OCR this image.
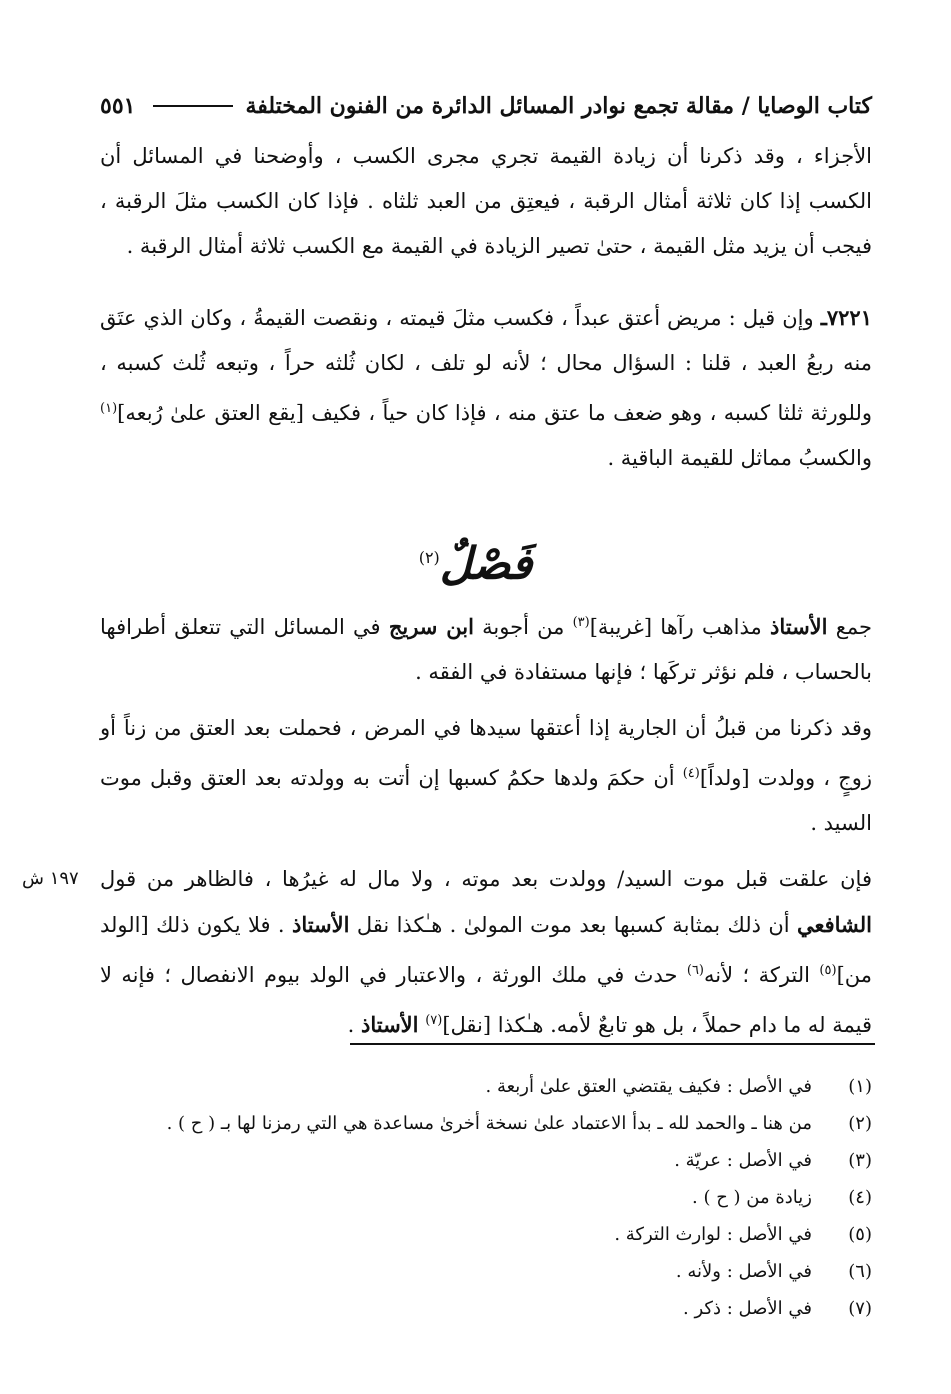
كتاب الوصايا / مقالة تجمع نوادر المسائل الدائرة من الفنون المختلفة
٥٥١

الأجزاء ، وقد ذكرنا أن زيادة القيمة تجري مجرى الكسب ، وأوضحنا في المسائل أن الكسب إذا كان ثلاثة أمثال الرقبة ، فيعتِق من العبد ثلثاه . فإذا كان الكسب مثلَ الرقبة ، فيجب أن يزيد مثل القيمة ، حتىٰ تصير الزيادة في القيمة مع الكسب ثلاثة أمثال الرقبة .

٧٢٢١ـ وإن قيل : مريض أعتق عبداً ، فكسب مثلَ قيمته ، ونقصت القيمةُ ، وكان الذي عتَق منه ربعُ العبد ، قلنا : السؤال محال ؛ لأنه لو تلف ، لكان ثُلثه حراً ، وتبعه ثُلث كسبه ، وللورثة ثلثا كسبه ، وهو ضعف ما عتق منه ، فإذا كان حياً ، فكيف [يقع العتق علىٰ رُبعه]$^{(١)}$ والكسبُ مماثل للقيمة الباقية .

فَصْلٌ$^{(٢)}$

جمع الأستاذ مذاهب رآها [غريبة]$^{(٣)}$ من أجوبة ابن سريج في المسائل التي تتعلق أطرافها بالحساب ، فلم نؤثر تركَها ؛ فإنها مستفادة في الفقه .

وقد ذكرنا من قبلُ أن الجارية إذا أعتقها سيدها في المرض ، فحملت بعد العتق من زناً أو زوجٍ ، وولدت [ولداً]$^{(٤)}$ أن حكمَ ولدها حكمُ كسبها إن أتت به وولدته بعد العتق وقبل موت السيد .

فإن علقت قبل موت السيد/ وولدت بعد موته ، ولا مال له غيرُها ، فالظاهر من قول الشافعي أن ذلك بمثابة كسبها بعد موت المولىٰ . هـٰكذا نقل الأستاذ . فلا يكون ذلك [الولد من]$^{(٥)}$ التركة ؛ لأنه$^{(٦)}$ حدث في ملك الورثة ، والاعتبار في الولد بيوم الانفصال ؛ فإنه لا قيمة له ما دام حملاً ، بل هو تابعٌ لأمه. هـٰكذا [نقل]$^{(٧)}$ الأستاذ .

١٩٧ ش
(١)
في الأصل : فكيف يقتضي العتق علىٰ أربعة .
(٢)
من هنا ـ والحمد لله ـ بدأ الاعتماد علىٰ نسخة أخرىٰ مساعدة هي التي رمزنا لها بـ ( ح ) .
(٣)
في الأصل : عريّة .
(٤)
زيادة من ( ح ) .
(٥)
في الأصل : لوارث التركة .
(٦)
في الأصل : ولأنه .
(٧)
في الأصل : ذكر .
